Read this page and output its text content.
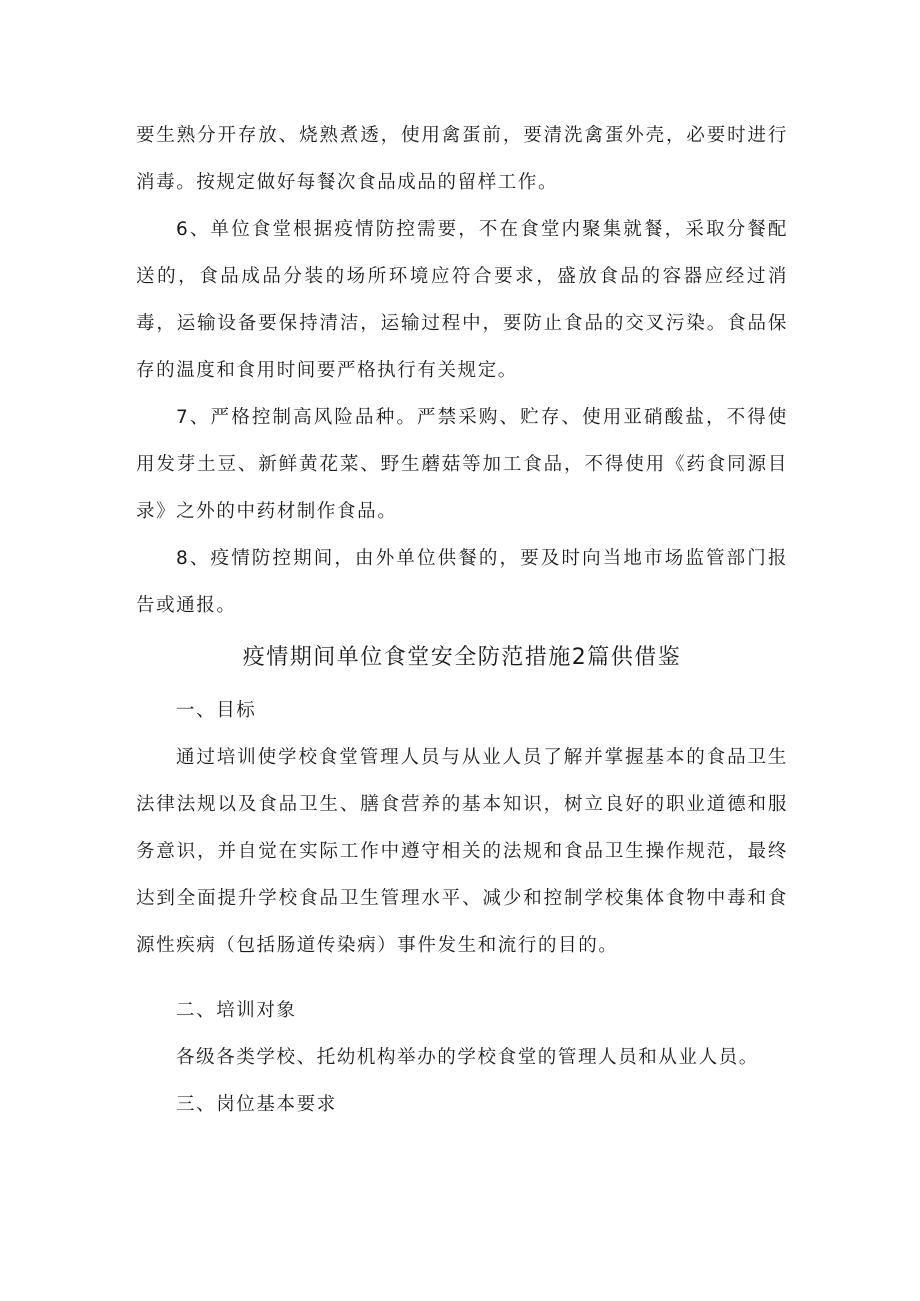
要生熟分开存放、烧熟煮透，使用禽蛋前，要清洗禽蛋外壳，必要时进行消毒。按规定做好每餐次食品成品的留样工作。

6、单位食堂根据疫情防控需要，不在食堂内聚集就餐，采取分餐配送的，食品成品分装的场所环境应符合要求，盛放食品的容器应经过消毒，运输设备要保持清洁，运输过程中，要防止食品的交叉污染。食品保存的温度和食用时间要严格执行有关规定。

7、严格控制高风险品种。严禁采购、贮存、使用亚硝酸盐，不得使用发芽土豆、新鲜黄花菜、野生蘑菇等加工食品，不得使用《药食同源目录》之外的中药材制作食品。

8、疫情防控期间，由外单位供餐的，要及时向当地市场监管部门报告或通报。

疫情期间单位食堂安全防范措施2篇供借鉴

一、目标

通过培训使学校食堂管理人员与从业人员了解并掌握基本的食品卫生法律法规以及食品卫生、膳食营养的基本知识，树立良好的职业道德和服务意识，并自觉在实际工作中遵守相关的法规和食品卫生操作规范，最终达到全面提升学校食品卫生管理水平、减少和控制学校集体食物中毒和食源性疾病（包括肠道传染病）事件发生和流行的目的。

二、培训对象

各级各类学校、托幼机构举办的学校食堂的管理人员和从业人员。

三、岗位基本要求
